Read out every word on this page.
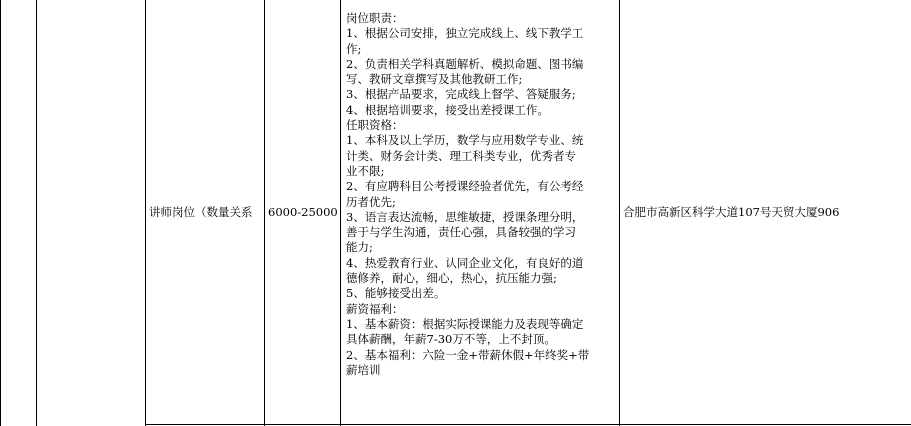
讲师岗位（数量关系 6000-25000
岗位职责：
1、根据公司安排，独立完成线上、线下教学工
作;
2、负责相关学科真题解析、模拟命题、图书编
写、教研文章撰写及其他教研工作;
3、根据产品要求，完成线上督学、答疑服务;
4、根据培训要求，接受出差授课工作。
任职资格：
1、本科及以上学历，数学与应用数学专业、统
计类、财务会计类、理工科类专业，优秀者专
业不限;
2、有应聘科目公考授课经验者优先，有公考经
历者优先;
3、语言表达流畅，思维敏捷，授课条理分明，
善于与学生沟通，责任心强，具备较强的学习
能力;
4、热爱教育行业、认同企业文化，有良好的道
德修养，耐心，细心，热心，抗压能力强;
5、能够接受出差。
薪资福利：
1、基本薪资：根据实际授课能力及表现等确定
具体薪酬，年薪7-30万不等，上不封顶。
2、基本福利：六险一金+带薪休假+年终奖+带
薪培训
合肥市高新区科学大道107号天贸大厦906
